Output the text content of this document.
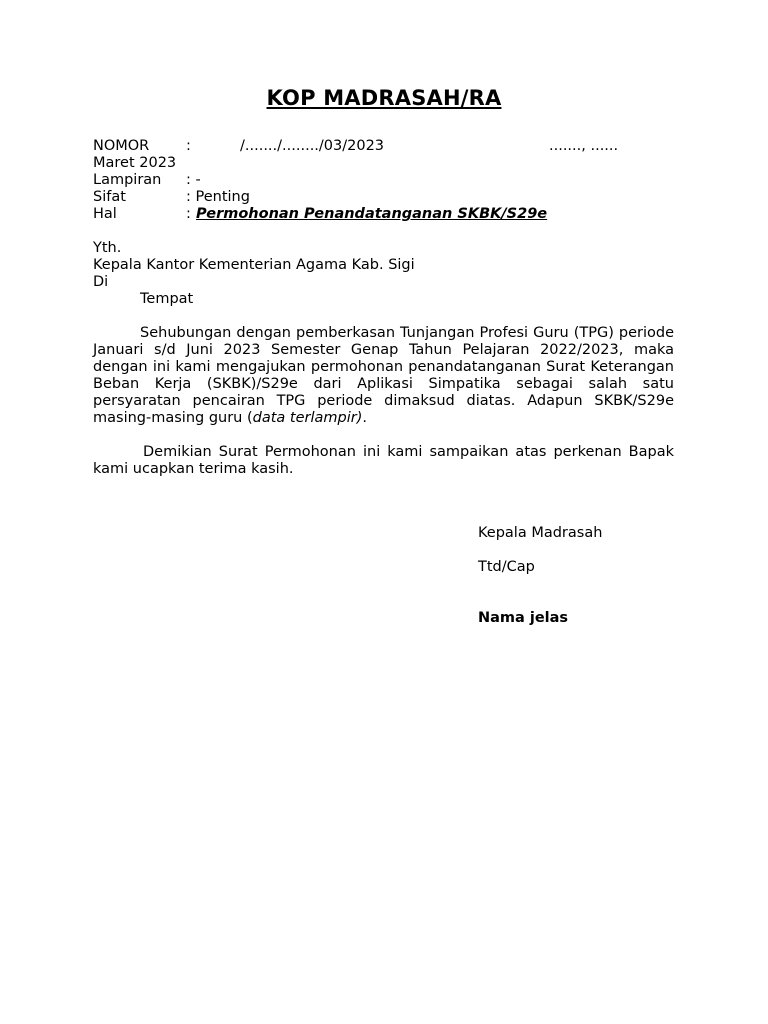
KOP MADRASAH/RA
NOMOR	:	/......./......../03/2023	......., ......
Maret 2023
Lampiran : -
Sifat	: Penting
Hal	: Permohonan Penandatanganan SKBK/S29e
Yth.
Kepala Kantor Kementerian Agama Kab. Sigi
Di
Tempat
Sehubungan dengan pemberkasan Tunjangan Profesi Guru (TPG) periode Januari s/d Juni 2023 Semester Genap Tahun Pelajaran 2022/2023, maka dengan ini kami mengajukan permohonan penandatanganan Surat Keterangan Beban Kerja (SKBK)/S29e dari Aplikasi Simpatika sebagai salah satu persyaratan pencairan TPG periode dimaksud diatas. Adapun SKBK/S29e masing-masing guru (data terlampir).
Demikian Surat Permohonan ini kami sampaikan atas perkenan Bapak kami ucapkan terima kasih.
Kepala Madrasah
Ttd/Cap
Nama jelas
